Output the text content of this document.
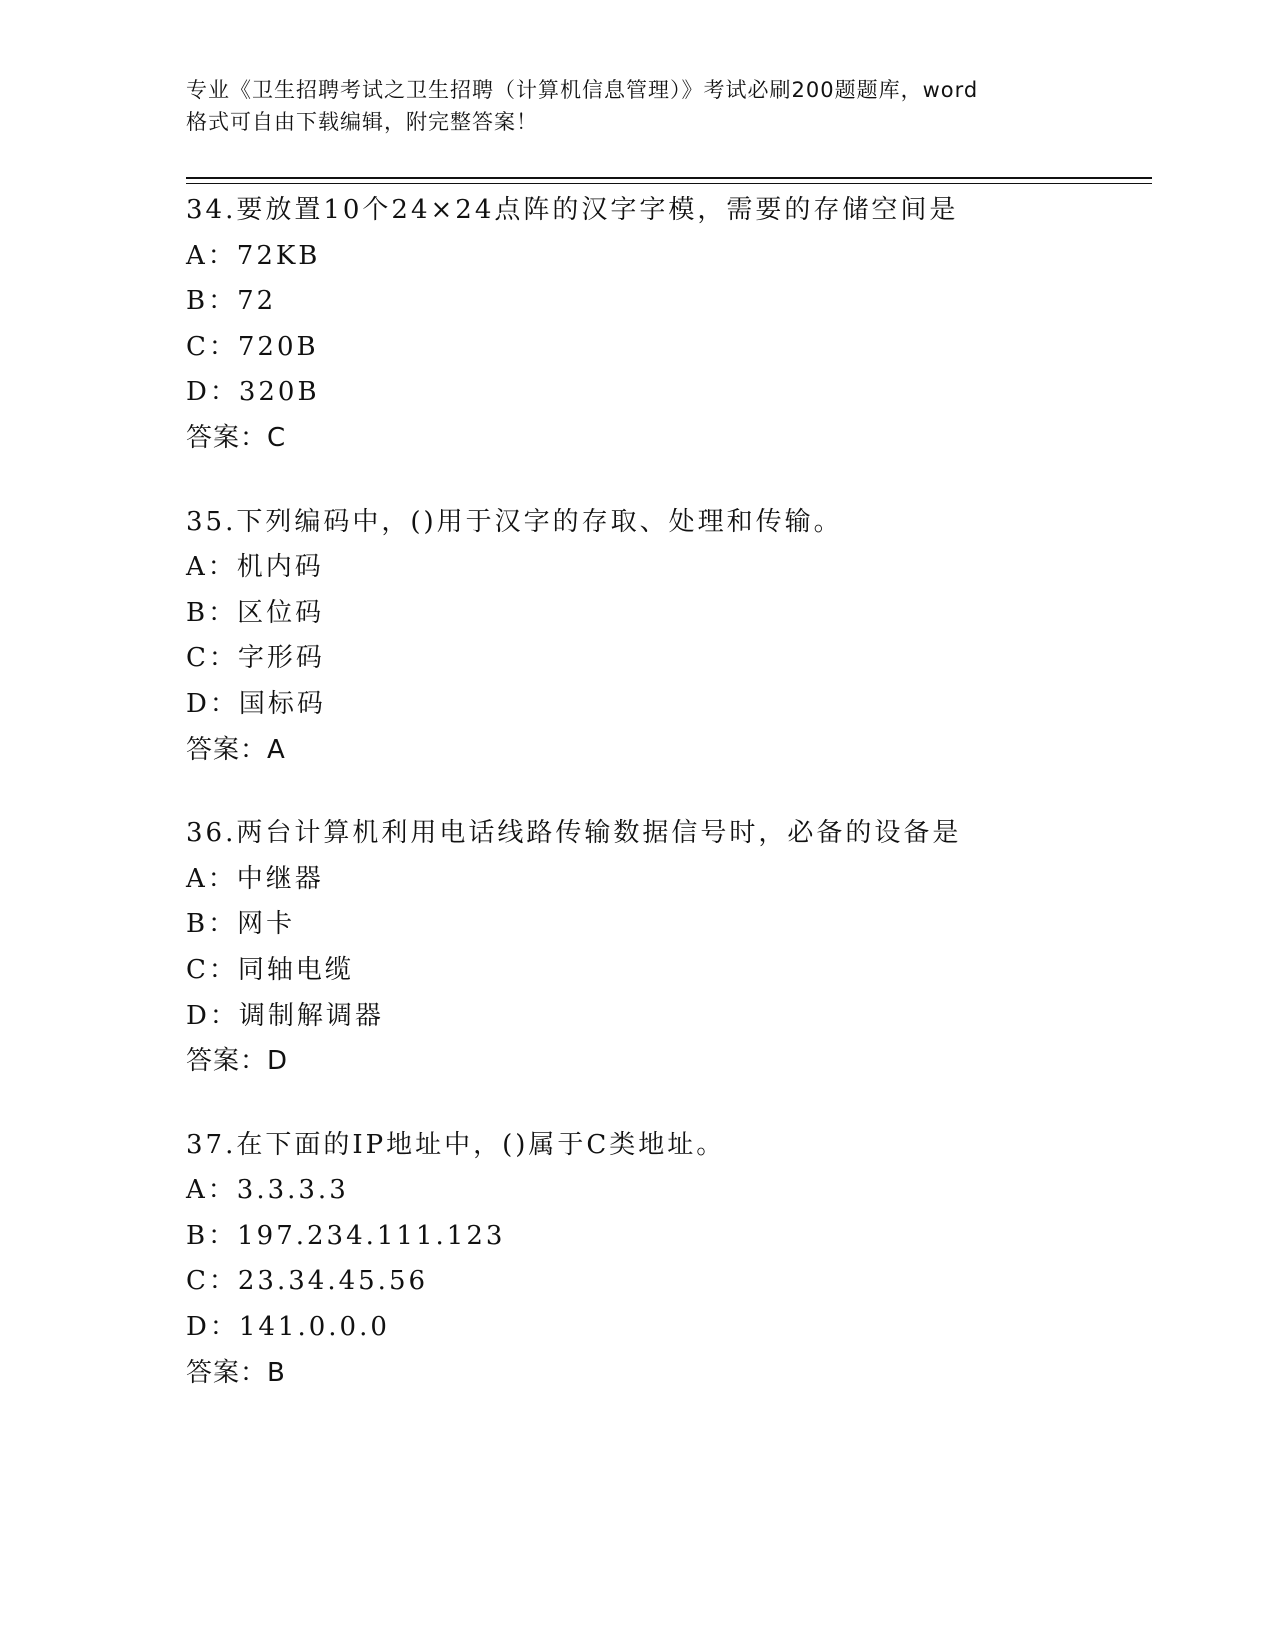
专业《卫生招聘考试之卫生招聘（计算机信息管理）》考试必刷200题题库，word
格式可自由下载编辑，附完整答案！
34.要放置10个24×24点阵的汉字字模，需要的存储空间是
A：72KB
B：72
C：720B
D：320B
答案：C
35.下列编码中，()用于汉字的存取、处理和传输。
A：机内码
B：区位码
C：字形码
D：国标码
答案：A
36.两台计算机利用电话线路传输数据信号时，必备的设备是
A：中继器
B：网卡
C：同轴电缆
D：调制解调器
答案：D
37.在下面的IP地址中，()属于C类地址。
A：3.3.3.3
B：197.234.111.123
C：23.34.45.56
D：141.0.0.0
答案：B
